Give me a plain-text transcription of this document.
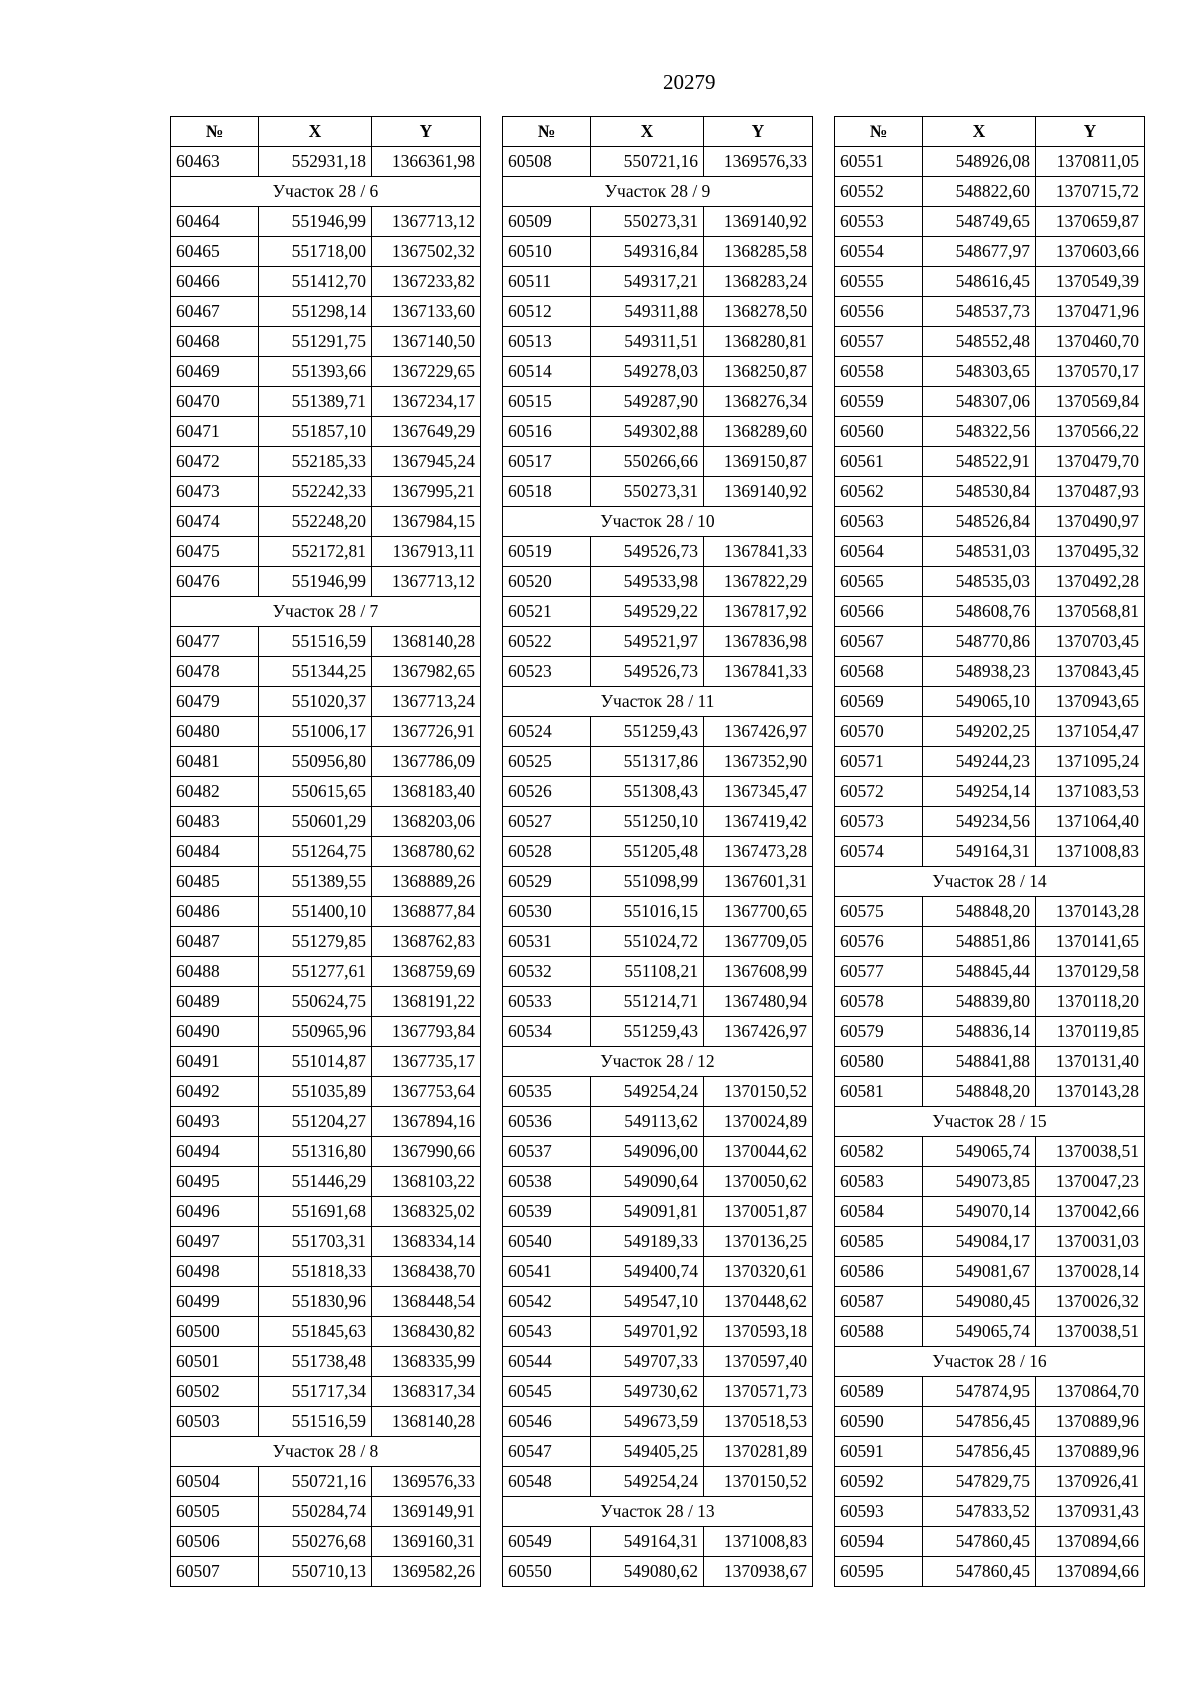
20279
№	X	Y
60463	552931,18	1366361,98
Участок 28 / 6		
60464	551946,99	1367713,12
60465	551718,00	1367502,32
60466	551412,70	1367233,82
60467	551298,14	1367133,60
60468	551291,75	1367140,50
60469	551393,66	1367229,65
60470	551389,71	1367234,17
60471	551857,10	1367649,29
60472	552185,33	1367945,24
60473	552242,33	1367995,21
60474	552248,20	1367984,15
60475	552172,81	1367913,11
60476	551946,99	1367713,12
Участок 28 / 7		
60477	551516,59	1368140,28
60478	551344,25	1367982,65
60479	551020,37	1367713,24
60480	551006,17	1367726,91
60481	550956,80	1367786,09
60482	550615,65	1368183,40
60483	550601,29	1368203,06
60484	551264,75	1368780,62
60485	551389,55	1368889,26
60486	551400,10	1368877,84
60487	551279,85	1368762,83
60488	551277,61	1368759,69
60489	550624,75	1368191,22
60490	550965,96	1367793,84
60491	551014,87	1367735,17
60492	551035,89	1367753,64
60493	551204,27	1367894,16
60494	551316,80	1367990,66
60495	551446,29	1368103,22
60496	551691,68	1368325,02
60497	551703,31	1368334,14
60498	551818,33	1368438,70
60499	551830,96	1368448,54
60500	551845,63	1368430,82
60501	551738,48	1368335,99
60502	551717,34	1368317,34
60503	551516,59	1368140,28
Участок 28 / 8		
60504	550721,16	1369576,33
60505	550284,74	1369149,91
60506	550276,68	1369160,31
60507	550710,13	1369582,26
№	X	Y
60508	550721,16	1369576,33
Участок 28 / 9		
60509	550273,31	1369140,92
60510	549316,84	1368285,58
60511	549317,21	1368283,24
60512	549311,88	1368278,50
60513	549311,51	1368280,81
60514	549278,03	1368250,87
60515	549287,90	1368276,34
60516	549302,88	1368289,60
60517	550266,66	1369150,87
60518	550273,31	1369140,92
Участок 28 / 10		
60519	549526,73	1367841,33
60520	549533,98	1367822,29
60521	549529,22	1367817,92
60522	549521,97	1367836,98
60523	549526,73	1367841,33
Участок 28 / 11		
60524	551259,43	1367426,97
60525	551317,86	1367352,90
60526	551308,43	1367345,47
60527	551250,10	1367419,42
60528	551205,48	1367473,28
60529	551098,99	1367601,31
60530	551016,15	1367700,65
60531	551024,72	1367709,05
60532	551108,21	1367608,99
60533	551214,71	1367480,94
60534	551259,43	1367426,97
Участок 28 / 12		
60535	549254,24	1370150,52
60536	549113,62	1370024,89
60537	549096,00	1370044,62
60538	549090,64	1370050,62
60539	549091,81	1370051,87
60540	549189,33	1370136,25
60541	549400,74	1370320,61
60542	549547,10	1370448,62
60543	549701,92	1370593,18
60544	549707,33	1370597,40
60545	549730,62	1370571,73
60546	549673,59	1370518,53
60547	549405,25	1370281,89
60548	549254,24	1370150,52
Участок 28 / 13		
60549	549164,31	1371008,83
60550	549080,62	1370938,67
№	X	Y
60551	548926,08	1370811,05
60552	548822,60	1370715,72
60553	548749,65	1370659,87
60554	548677,97	1370603,66
60555	548616,45	1370549,39
60556	548537,73	1370471,96
60557	548552,48	1370460,70
60558	548303,65	1370570,17
60559	548307,06	1370569,84
60560	548322,56	1370566,22
60561	548522,91	1370479,70
60562	548530,84	1370487,93
60563	548526,84	1370490,97
60564	548531,03	1370495,32
60565	548535,03	1370492,28
60566	548608,76	1370568,81
60567	548770,86	1370703,45
60568	548938,23	1370843,45
60569	549065,10	1370943,65
60570	549202,25	1371054,47
60571	549244,23	1371095,24
60572	549254,14	1371083,53
60573	549234,56	1371064,40
60574	549164,31	1371008,83
Участок 28 / 14		
60575	548848,20	1370143,28
60576	548851,86	1370141,65
60577	548845,44	1370129,58
60578	548839,80	1370118,20
60579	548836,14	1370119,85
60580	548841,88	1370131,40
60581	548848,20	1370143,28
Участок 28 / 15		
60582	549065,74	1370038,51
60583	549073,85	1370047,23
60584	549070,14	1370042,66
60585	549084,17	1370031,03
60586	549081,67	1370028,14
60587	549080,45	1370026,32
60588	549065,74	1370038,51
Участок 28 / 16		
60589	547874,95	1370864,70
60590	547856,45	1370889,96
60591	547856,45	1370889,96
60592	547829,75	1370926,41
60593	547833,52	1370931,43
60594	547860,45	1370894,66
60595	547860,45	1370894,66
